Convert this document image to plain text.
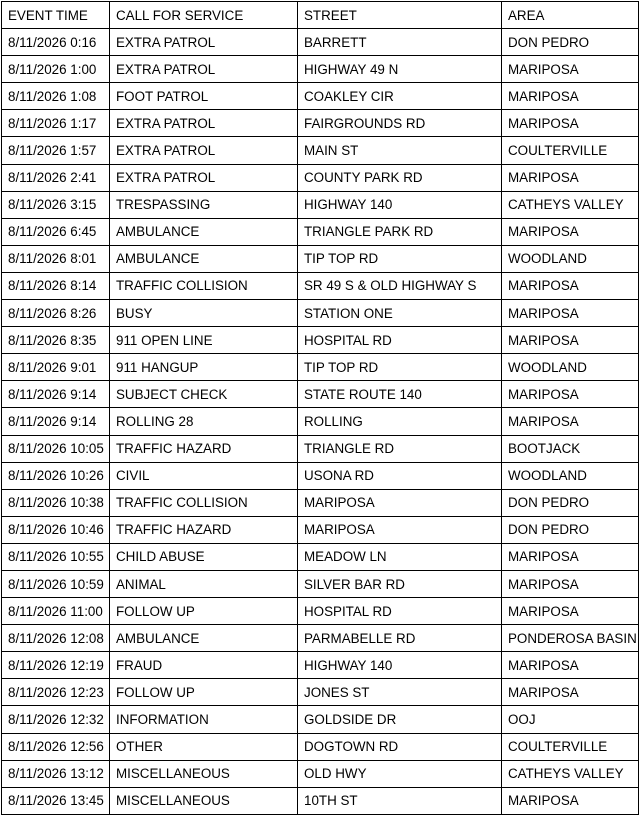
EVENT TIME	CALL FOR SERVICE	STREET	AREA
8/11/2026 0:16	EXTRA PATROL	BARRETT	DON PEDRO
8/11/2026 1:00	EXTRA PATROL	HIGHWAY 49 N	MARIPOSA
8/11/2026 1:08	FOOT PATROL	COAKLEY CIR	MARIPOSA
8/11/2026 1:17	EXTRA PATROL	FAIRGROUNDS RD	MARIPOSA
8/11/2026 1:57	EXTRA PATROL	MAIN ST	COULTERVILLE
8/11/2026 2:41	EXTRA PATROL	COUNTY PARK RD	MARIPOSA
8/11/2026 3:15	TRESPASSING	HIGHWAY 140	CATHEYS VALLEY
8/11/2026 6:45	AMBULANCE	TRIANGLE PARK RD	MARIPOSA
8/11/2026 8:01	AMBULANCE	TIP TOP RD	WOODLAND
8/11/2026 8:14	TRAFFIC COLLISION	SR 49 S & OLD HIGHWAY S	MARIPOSA
8/11/2026 8:26	BUSY	STATION ONE	MARIPOSA
8/11/2026 8:35	911 OPEN LINE	HOSPITAL RD	MARIPOSA
8/11/2026 9:01	911 HANGUP	TIP TOP RD	WOODLAND
8/11/2026 9:14	SUBJECT CHECK	STATE ROUTE 140	MARIPOSA
8/11/2026 9:14	ROLLING 28	ROLLING	MARIPOSA
8/11/2026 10:05	TRAFFIC HAZARD	TRIANGLE RD	BOOTJACK
8/11/2026 10:26	CIVIL	USONA RD	WOODLAND
8/11/2026 10:38	TRAFFIC COLLISION	MARIPOSA	DON PEDRO
8/11/2026 10:46	TRAFFIC HAZARD	MARIPOSA	DON PEDRO
8/11/2026 10:55	CHILD ABUSE	MEADOW LN	MARIPOSA
8/11/2026 10:59	ANIMAL	SILVER BAR RD	MARIPOSA
8/11/2026 11:00	FOLLOW UP	HOSPITAL RD	MARIPOSA
8/11/2026 12:08	AMBULANCE	PARMABELLE RD	PONDEROSA BASIN
8/11/2026 12:19	FRAUD	HIGHWAY 140	MARIPOSA
8/11/2026 12:23	FOLLOW UP	JONES ST	MARIPOSA
8/11/2026 12:32	INFORMATION	GOLDSIDE DR	OOJ
8/11/2026 12:56	OTHER	DOGTOWN RD	COULTERVILLE
8/11/2026 13:12	MISCELLANEOUS	OLD HWY	CATHEYS VALLEY
8/11/2026 13:45	MISCELLANEOUS	10TH ST	MARIPOSA
